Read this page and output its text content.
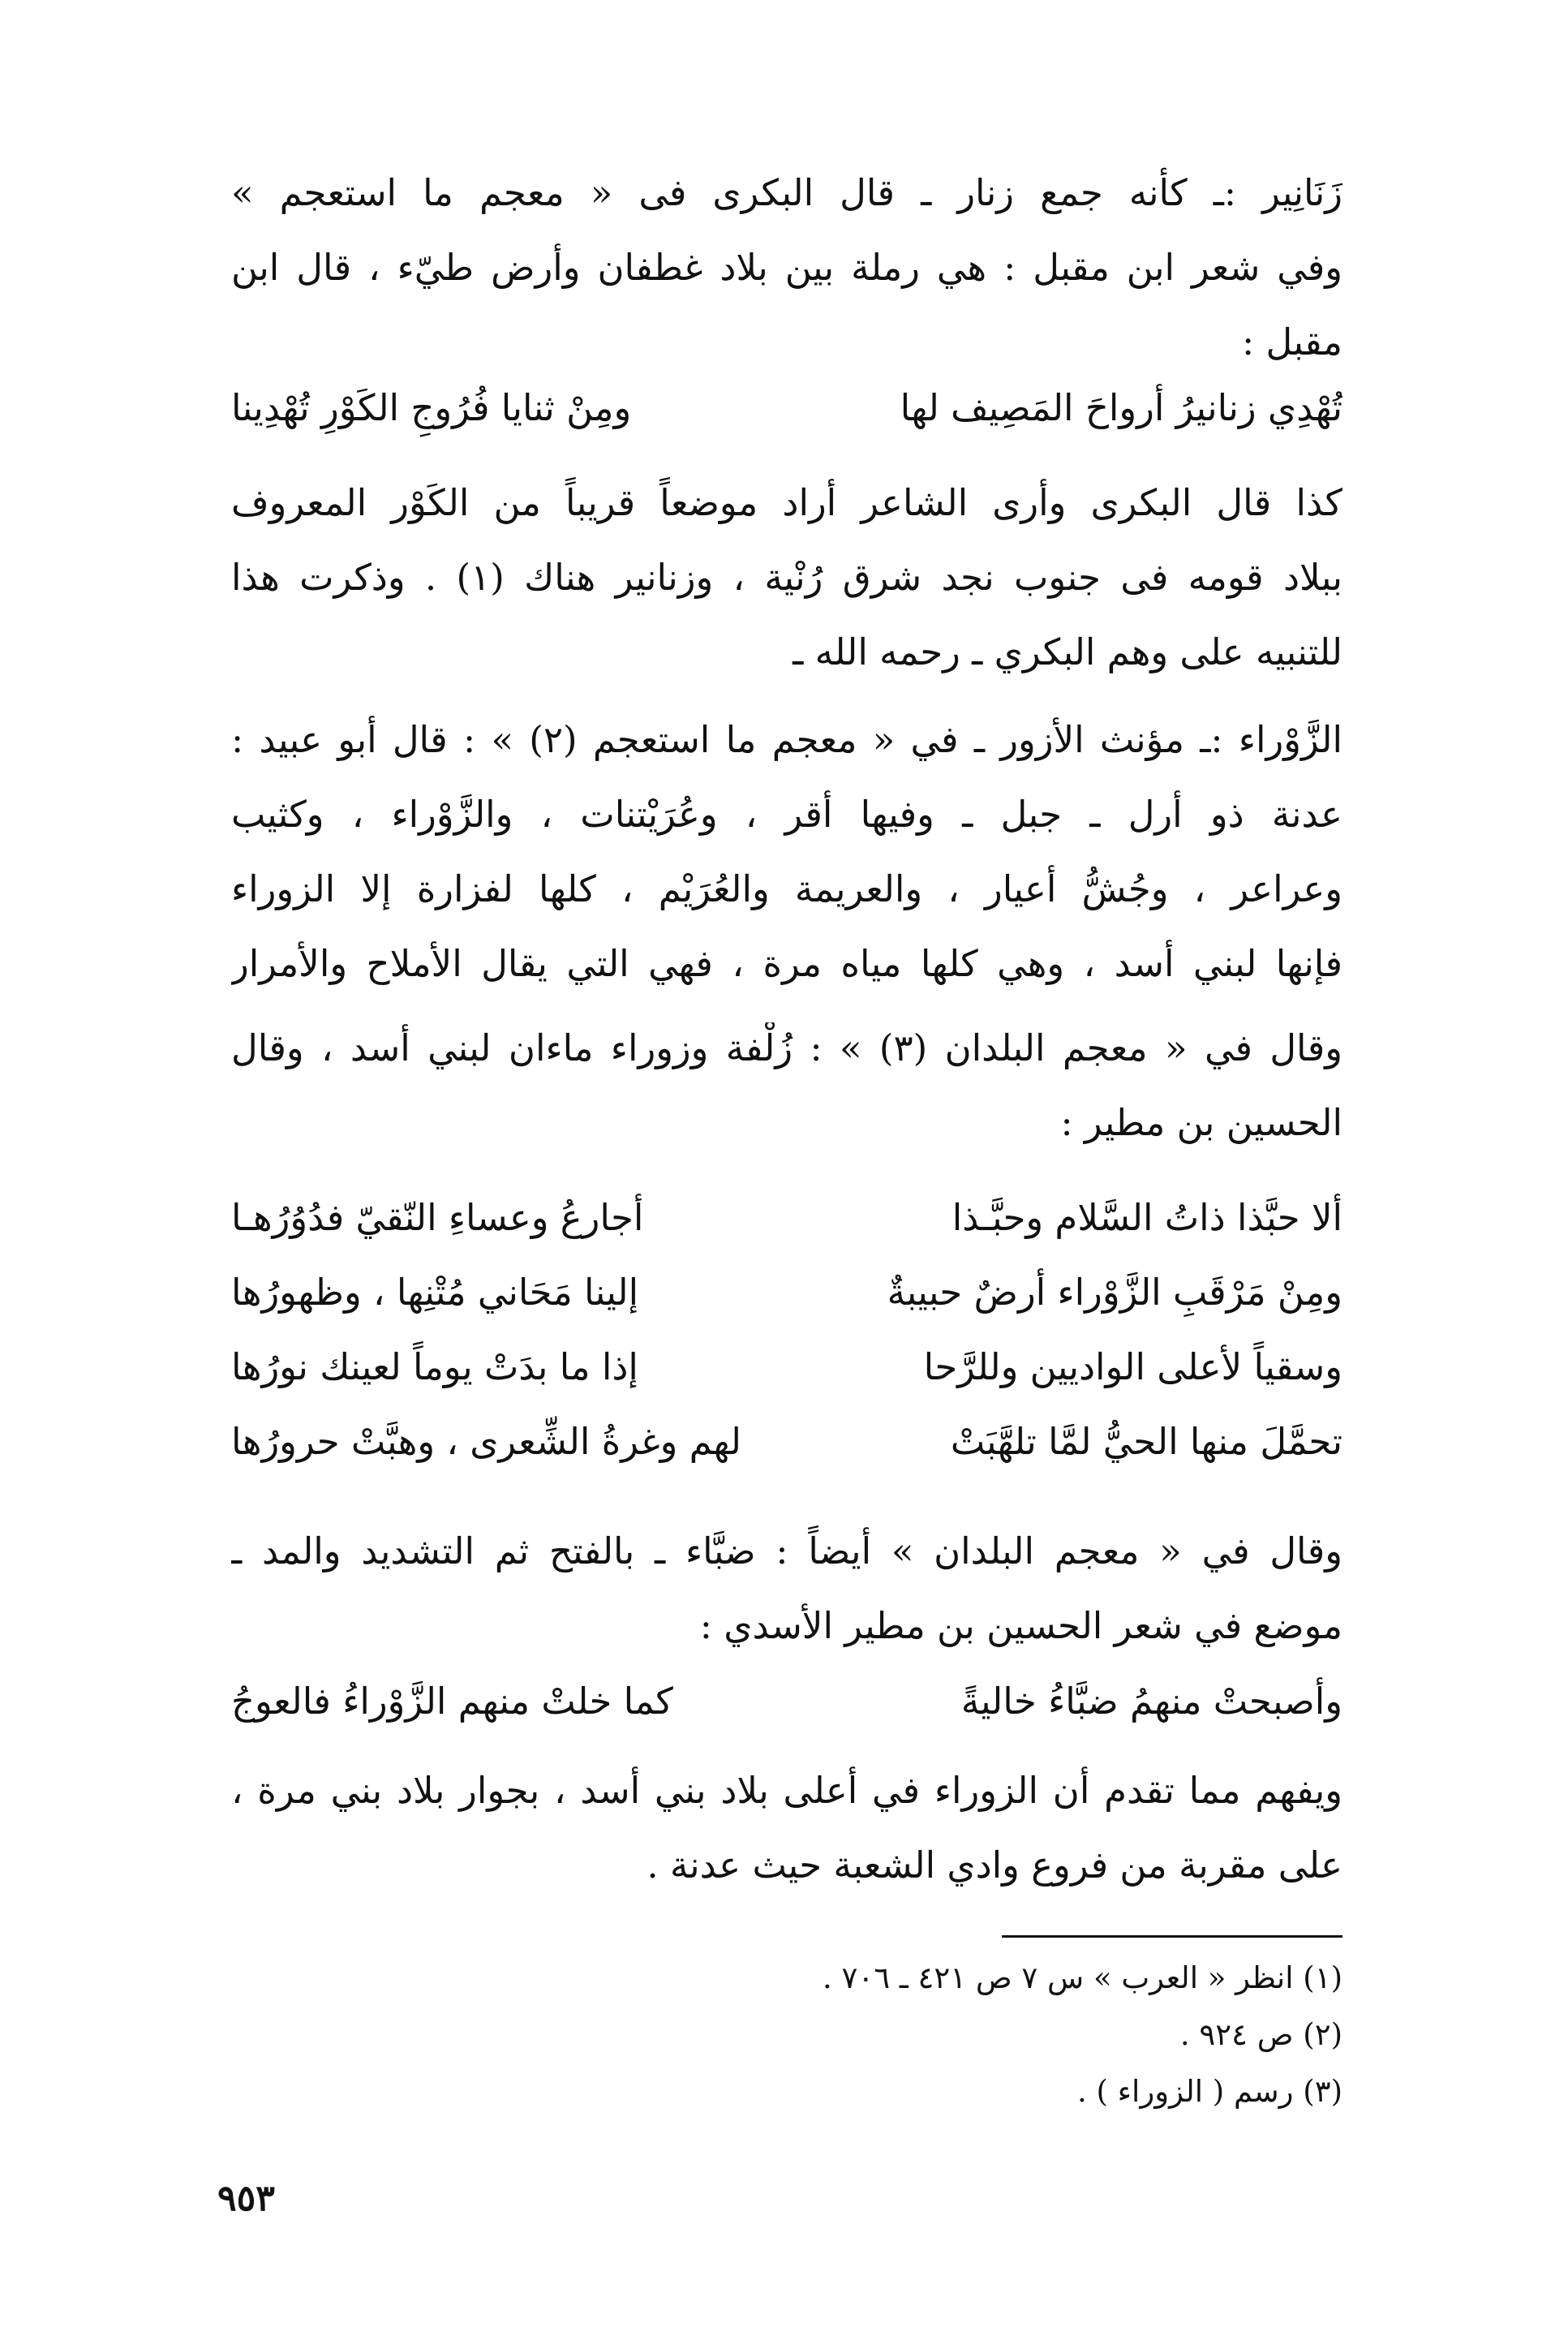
زَنَانِير :ـ كأنه جمع زنار ـ قال البكرى فى « معجم ما استعجم »
وفي شعر ابن مقبل : هي رملة بين بلاد غطفان وأرض طيّء ، قال ابن
مقبل :
تُهْدِي زنانيرُ أرواحَ المَصِيف لها
ومِنْ ثنايا فُرُوجِ الكَوْرِ تُهْدِينا
كذا قال البكرى وأرى الشاعر أراد موضعاً قريباً من الكَوْر المعروف
ببلاد قومه فى جنوب نجد شرق رُنْية ، وزنانير هناك (١) . وذكرت هذا
للتنبيه على وهم البكري ـ رحمه الله ـ
الزَّوْراء :ـ مؤنث الأزور ـ في « معجم ما استعجم (٢) » : قال أبو عبيد :
عدنة ذو أرل ـ جبل ـ وفيها أقر ، وعُرَيْتنات ، والزَّوْراء ، وكثيب
وعراعر ، وجُشُّ أعيار ، والعريمة والعُرَيْم ، كلها لفزارة إلا الزوراء
فإنها لبني أسد ، وهي كلها مياه مرة ، فهي التي يقال الأملاح والأمرار
وقال في « معجم البلدان (٣) » : زُلْفة وزوراء ماءان لبني أسد ، وقال
الحسين بن مطير :
ألا حبَّذا ذاتُ السَّلام وحبَّـذا
أجارعُ وعساءِ النّقيّ فدُوُرُهـا
ومِنْ مَرْقَبِ الزَّوْراء أرضٌ حبيبةٌ
إلينا مَحَاني مُتْنِها ، وظهورُها
وسقياً لأعلى الواديين وللرَّحا
إذا ما بدَتْ يوماً لعينك نورُها
تحمَّلَ منها الحيُّ لمَّا تلهَّبَتْ
لهم وغرةُ الشِّعرى ، وهبَّتْ حرورُها
وقال في « معجم البلدان » أيضاً : ضبَّاء ـ بالفتح ثم التشديد والمد ـ
موضع في شعر الحسين بن مطير الأسدي :
وأصبحتْ منهمُ ضبَّاءُ خاليةً
كما خلتْ منهم الزَّوْراءُ فالعوجُ
ويفهم مما تقدم أن الزوراء في أعلى بلاد بني أسد ، بجوار بلاد بني مرة ،
على مقربة من فروع وادي الشعبة حيث عدنة .
(١) انظر « العرب » س ٧ ص ٤٢١ ـ ٧٠٦ .
(٢) ص ٩٢٤ .
(٣) رسم ( الزوراء ) .
٩٥٣
